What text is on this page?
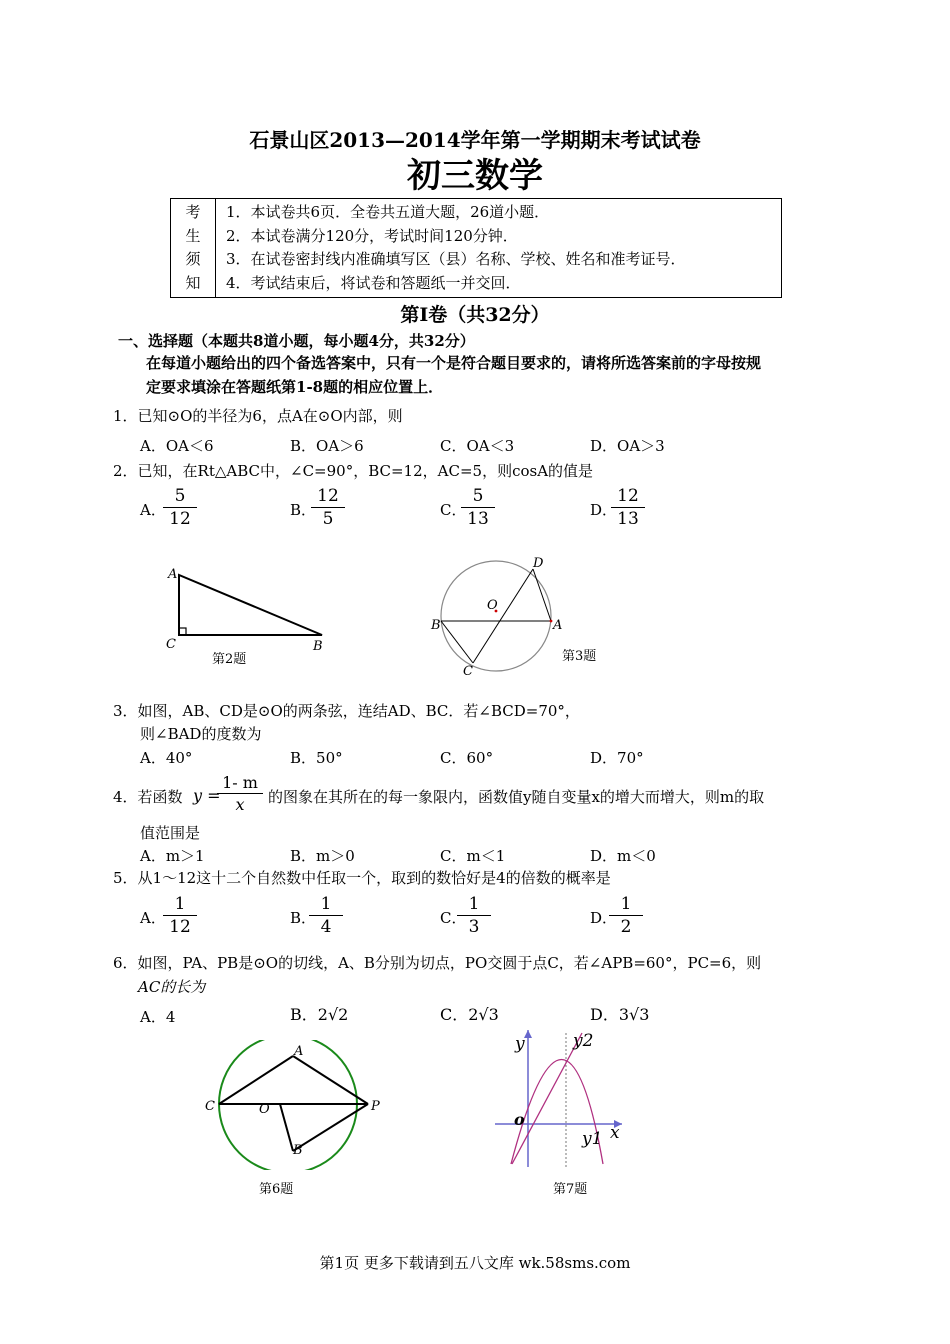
石景山区2013—2014学年第一学期期末考试试卷
初三数学
考
生
须
知

1．本试卷共6页．全卷共五道大题，26道小题．
2．本试卷满分120分，考试时间120分钟．
3．在试卷密封线内准确填写区（县）名称、学校、姓名和准考证号．
4．考试结束后，将试卷和答题纸一并交回．
第Ⅰ卷（共32分）
一、选择题（本题共8道小题，每小题4分，共32分）
在每道小题给出的四个备选答案中，只有一个是符合题目要求的，请将所选答案前的字母按规
定要求填涂在答题纸第1-8题的相应位置上．
1．已知⊙O的半径为6，点A在⊙O内部，则
A．OA＜6	B．OA＞6	C．OA＜3	D．OA＞3
2．已知，在Rt△ABC中，∠C=90°，BC=12，AC=5，则cosA的值是
A．
$\frac{5}{12}$	B．
$\frac{12}{5}$	C．
$\frac{5}{13}$	D．
$\frac{12}{13}$
A
C	B
第2题
D
O
B	A
C
第3题
3．如图，AB、CD是⊙O的两条弦，连结AD、BC．若∠BCD=70°，
则∠BAD的度数为
A．40°	B．50°	C．60°	D．70°
4．若函数 y =
$\frac{1- m}{x}$ 的图象在其所在的每一象限内，函数值y随自变量x的增大而增大，则m的取
值范围是
A．m＞1	B．m＞0	C．m＜1	D．m＜0
5．从1～12这十二个自然数中任取一个，取到的数恰好是4的倍数的概率是
A．
$\frac{1}{12}$	B．
$\frac{1}{4}$	C．
$\frac{1}{3}$	D．
$\frac{1}{2}$
6．如图，PA、PB是⊙O的切线，A、B分别为切点，PO交圆于点C，若∠APB=60°，PC=6，则
AC的长为
A．4	B．2√2	C．2√3	D．3√3
A
C	O	P
B
第6题
y	y2
o
x
y1
第7题
第1页 更多下载请到五八文库 wk.58sms.com
